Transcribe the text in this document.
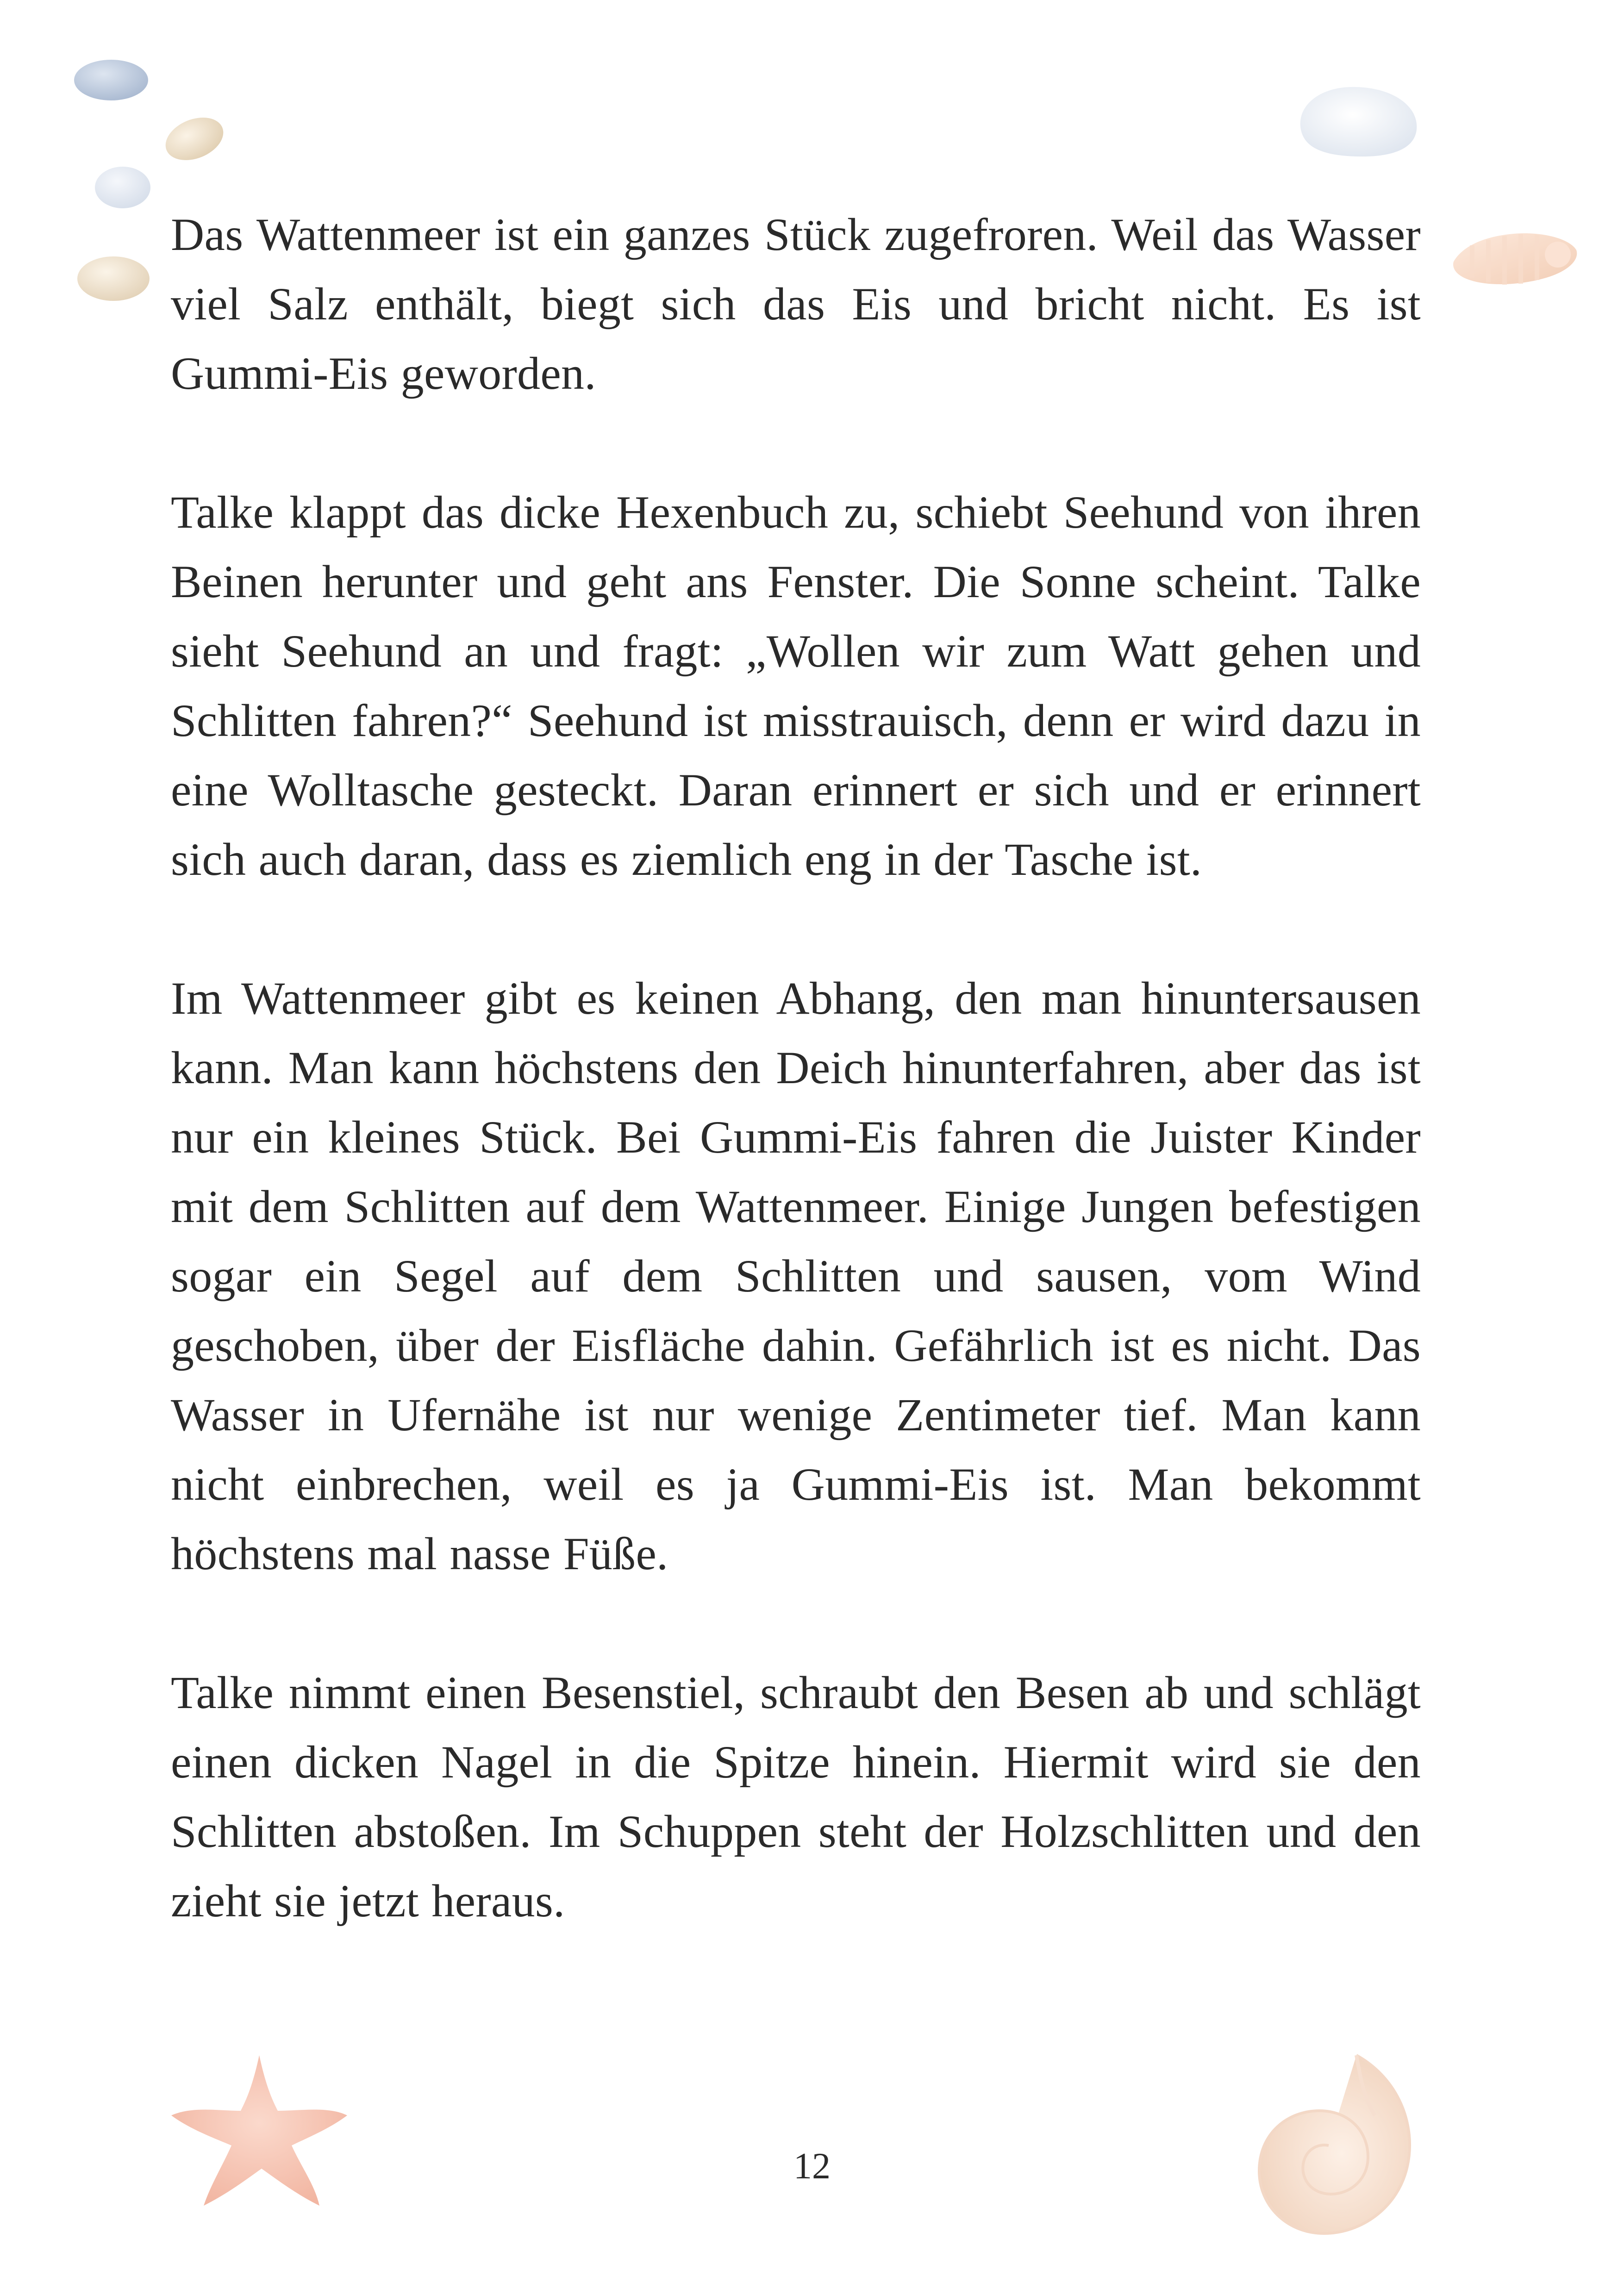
Das Wattenmeer ist ein ganzes Stück zugefroren. Weil das Wasser viel Salz enthält, biegt sich das Eis und bricht nicht. Es ist Gummi-Eis geworden.

Talke klappt das dicke Hexenbuch zu, schiebt Seehund von ihren Beinen herunter und geht ans Fenster. Die Sonne scheint. Talke sieht Seehund an und fragt: „Wollen wir zum Watt gehen und Schlitten fahren?“ Seehund ist misstrauisch, denn er wird dazu in eine Wolltasche gesteckt. Daran erinnert er sich und er erinnert sich auch daran, dass es ziemlich eng in der Tasche ist.

Im Wattenmeer gibt es keinen Abhang, den man hinuntersausen kann. Man kann höchstens den Deich hinunterfahren, aber das ist nur ein kleines Stück. Bei Gummi-Eis fahren die Juister Kinder mit dem Schlitten auf dem Wattenmeer. Einige Jungen befestigen sogar ein Segel auf dem Schlitten und sausen, vom Wind geschoben, über der Eisfläche dahin. Gefährlich ist es nicht. Das Wasser in Ufernähe ist nur wenige Zentimeter tief. Man kann nicht einbrechen, weil es ja Gummi-Eis ist. Man bekommt höchstens mal nasse Füße.

Talke nimmt einen Besenstiel, schraubt den Besen ab und schlägt einen dicken Nagel in die Spitze hinein. Hiermit wird sie den Schlitten abstoßen. Im Schuppen steht der Holzschlitten und den zieht sie jetzt heraus.

12
